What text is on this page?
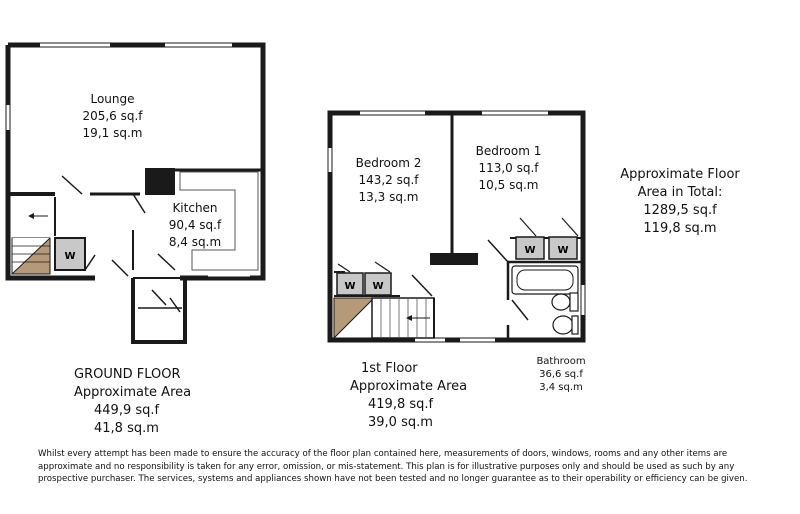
W
W W
W W
Lounge
205,6 sq.f
19,1 sq.m
Kitchen
90,4 sq.f
8,4 sq.m
Bedroom 2
143,2 sq.f
13,3 sq.m
Bedroom 1
113,0 sq.f
10,5 sq.m
Bathroom
36,6 sq.f
3,4 sq.m
GROUND FLOOR
Approximate Area
449,9 sq.f
41,8 sq.m
1st Floor
Approximate Area
419,8 sq.f
39,0 sq.m
Approximate Floor
Area in Total:
1289,5 sq.f
119,8 sq.m
Whilst every attempt has been made to ensure the accuracy of the floor plan contained here, measurements of doors, windows, rooms and any other items are approximate and no responsibility is taken for any error, omission, or mis-statement. This plan is for illustrative purposes only and should be used as such by any prospective purchaser. The services, systems and appliances shown have not been tested and no longer guarantee as to their operability or efficiency can be given.
